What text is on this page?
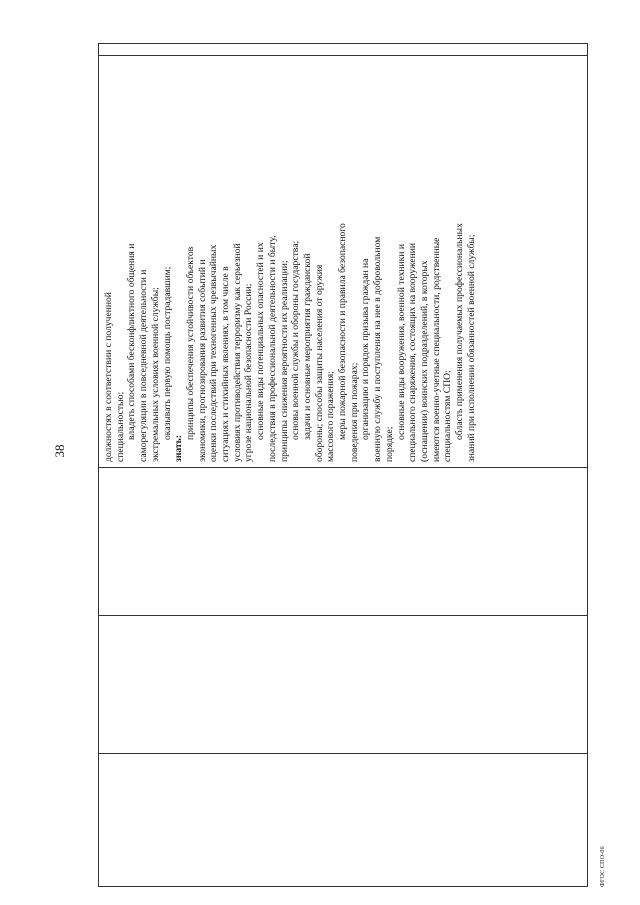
38	должностях в соответствии с полученной специальностью; владеть способами бесконфликтного общения и саморегуляции в повседневной деятельности и экстремальных условиях военной службы; оказывать первую помощь пострадавшим;
знать:
принципы обеспечения устойчивости объектов экономики, прогнозирования развития событий и оценки последствий при техногенных чрезвычайных ситуациях и стихийных явлениях, в том числе в условиях противодействия терроризму как серьезной угрозе национальной безопасности России; основные виды потенциальных опасностей и их последствия в профессиональной деятельности и быту, принципы снижения вероятности их реализации; основы военной службы и обороны государства; задачи и основные мероприятия гражданской обороны; способы защиты населения от оружия массового поражения; меры пожарной безопасности и правила безопасного поведения при пожарах; организацию и порядок призыва граждан на военную службу и поступления на нее в добровольном порядке;
основные виды вооружения, военной техники и специального снаряжения, состоящих на вооружении (оснащении) воинских подразделений, в которых имеются военно-учетные специальности, родственные специальностям СПО; область применения получаемых профессиональных знаний при исполнении обязанностей военной службы;
ФГОС СПО-06
